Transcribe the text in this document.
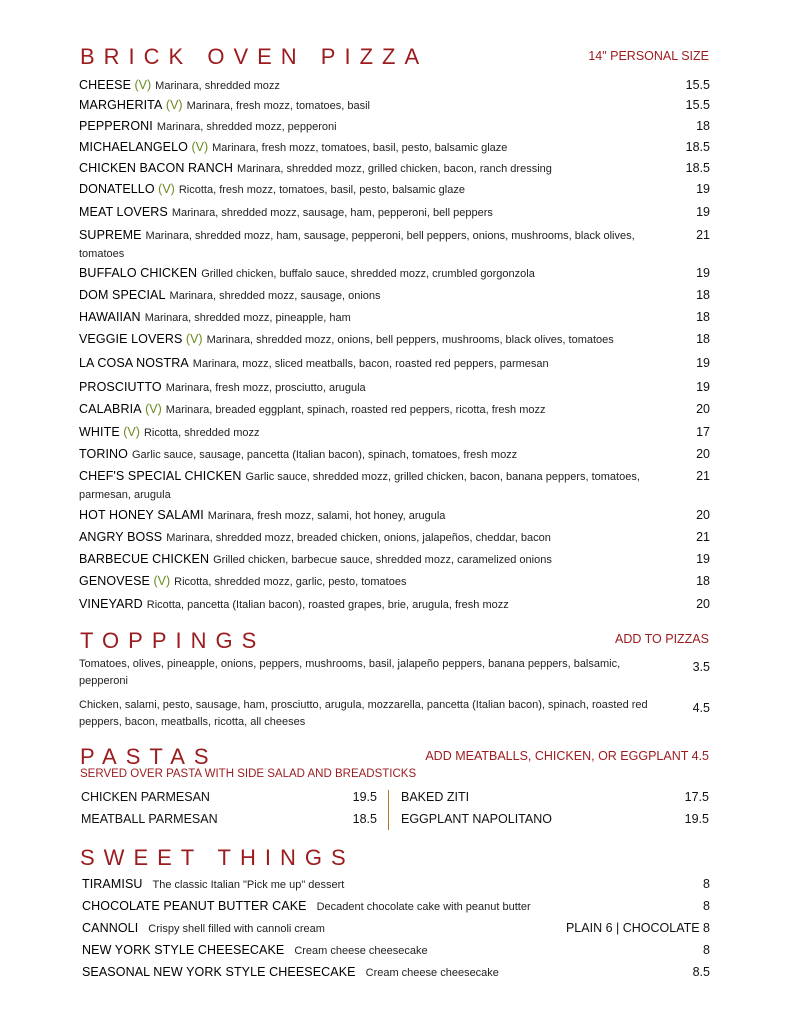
BRICK OVEN PIZZA	14" PERSONAL SIZE
CHEESE (V) Marinara, shredded mozz	15.5
MARGHERITA (V) Marinara, fresh mozz, tomatoes, basil	15.5
PEPPERONI Marinara, shredded mozz, pepperoni	18
MICHAELANGELO (V) Marinara, fresh mozz, tomatoes, basil, pesto, balsamic glaze	18.5
CHICKEN BACON RANCH Marinara, shredded mozz, grilled chicken, bacon, ranch dressing	18.5
DONATELLO (V) Ricotta, fresh mozz, tomatoes, basil, pesto, balsamic glaze	19
MEAT LOVERS Marinara, shredded mozz, sausage, ham, pepperoni, bell peppers	19
SUPREME Marinara, shredded mozz, ham, sausage, pepperoni, bell peppers, onions, mushrooms, black olives, tomatoes
21
BUFFALO CHICKEN Grilled chicken, buffalo sauce, shredded mozz, crumbled gorgonzola	19
DOM SPECIAL Marinara, shredded mozz, sausage, onions	18
HAWAIIAN Marinara, shredded mozz, pineapple, ham	18
VEGGIE LOVERS (V) Marinara, shredded mozz, onions, bell peppers, mushrooms, black olives, tomatoes	18
LA COSA NOSTRA Marinara, mozz, sliced meatballs, bacon, roasted red peppers, parmesan	19
PROSCIUTTO Marinara, fresh mozz, prosciutto, arugula	19
CALABRIA (V) Marinara, breaded eggplant, spinach, roasted red peppers, ricotta, fresh mozz	20
WHITE (V) Ricotta, shredded mozz	17
TORINO Garlic sauce, sausage, pancetta (Italian bacon), spinach, tomatoes, fresh mozz	20
CHEF'S SPECIAL CHICKEN Garlic sauce, shredded mozz, grilled chicken, bacon, banana peppers, tomatoes, parmesan, arugula
21
HOT HONEY SALAMI Marinara, fresh mozz, salami, hot honey, arugula	20
ANGRY BOSS Marinara, shredded mozz, breaded chicken, onions, jalapeños, cheddar, bacon	21
BARBECUE CHICKEN Grilled chicken, barbecue sauce, shredded mozz, caramelized onions	19
GENOVESE (V) Ricotta, shredded mozz, garlic, pesto, tomatoes	18
VINEYARD Ricotta, pancetta (Italian bacon), roasted grapes, brie, arugula, fresh mozz	20
TOPPINGS	ADD TO PIZZAS
Tomatoes, olives, pineapple, onions, peppers, mushrooms, basil, jalapeño peppers, banana peppers, balsamic, pepperoni
3.5
Chicken, salami, pesto, sausage, ham, prosciutto, arugula, mozzarella, pancetta (Italian bacon), spinach, roasted red peppers, bacon, meatballs, ricotta, all cheeses
4.5
PASTAS	ADD MEATBALLS, CHICKEN, OR EGGPLANT 4.5
SERVED OVER PASTA WITH SIDE SALAD AND BREADSTICKS
CHICKEN PARMESAN	19.5
MEATBALL PARMESAN	18.5
BAKED ZITI	17.5
EGGPLANT NAPOLITANO	19.5
SWEET THINGS
TIRAMISU The classic Italian "Pick me up" dessert	8
CHOCOLATE PEANUT BUTTER CAKE Decadent chocolate cake with peanut butter	8
CANNOLI Crispy shell filled with cannoli cream	PLAIN 6 | CHOCOLATE 8
NEW YORK STYLE CHEESECAKE Cream cheese cheesecake	8
SEASONAL NEW YORK STYLE CHEESECAKE Cream cheese cheesecake	8.5
